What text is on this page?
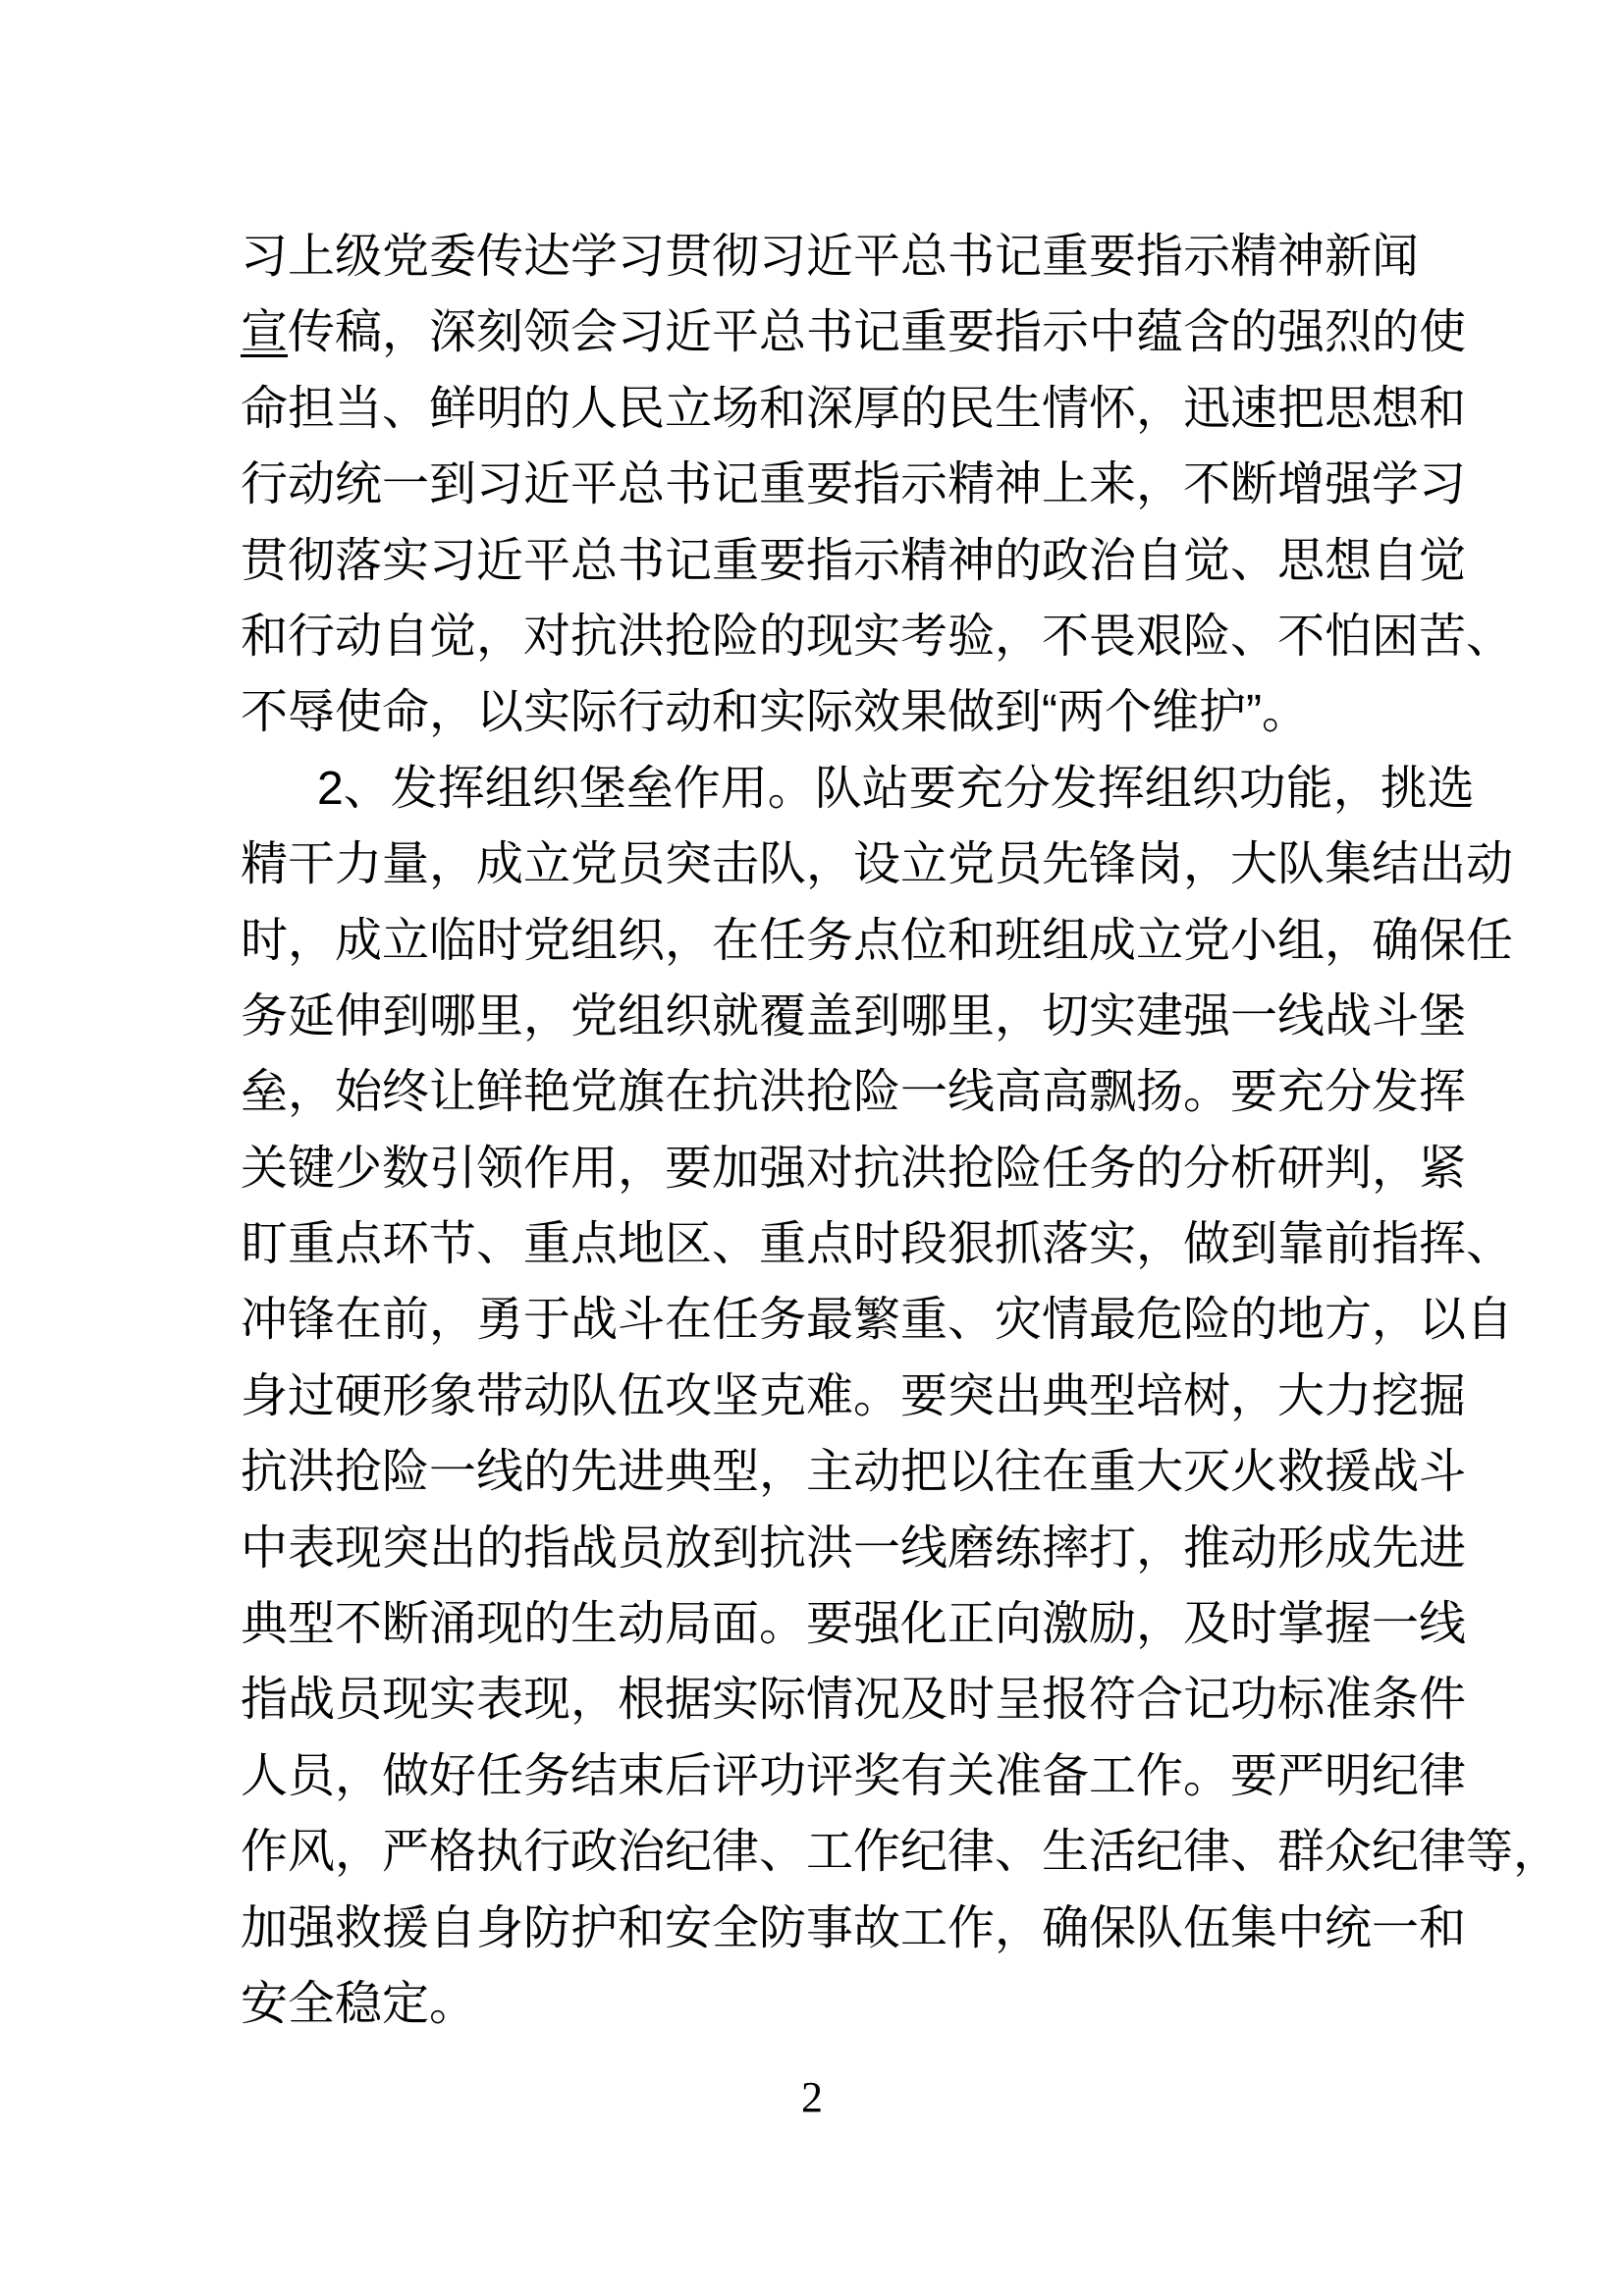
习上级党委传达学习贯彻习近平总书记重要指示精神新闻
宣传稿，深刻领会习近平总书记重要指示中蕴含的强烈的使
命担当、鲜明的人民立场和深厚的民生情怀，迅速把思想和
行动统一到习近平总书记重要指示精神上来，不断增强学习
贯彻落实习近平总书记重要指示精神的政治自觉、思想自觉
和行动自觉，对抗洪抢险的现实考验，不畏艰险、不怕困苦、
不辱使命，以实际行动和实际效果做到“两个维护”。
2、发挥组织堡垒作用。队站要充分发挥组织功能，挑选
精干力量，成立党员突击队，设立党员先锋岗，大队集结出动
时，成立临时党组织，在任务点位和班组成立党小组，确保任
务延伸到哪里，党组织就覆盖到哪里，切实建强一线战斗堡
垒，始终让鲜艳党旗在抗洪抢险一线高高飘扬。要充分发挥
关键少数引领作用，要加强对抗洪抢险任务的分析研判，紧
盯重点环节、重点地区、重点时段狠抓落实，做到靠前指挥、
冲锋在前，勇于战斗在任务最繁重、灾情最危险的地方，以自
身过硬形象带动队伍攻坚克难。要突出典型培树，大力挖掘
抗洪抢险一线的先进典型，主动把以往在重大灭火救援战斗
中表现突出的指战员放到抗洪一线磨练摔打，推动形成先进
典型不断涌现的生动局面。要强化正向激励，及时掌握一线
指战员现实表现，根据实际情况及时呈报符合记功标准条件
人员，做好任务结束后评功评奖有关准备工作。要严明纪律
作风，严格执行政治纪律、工作纪律、生活纪律、群众纪律等，
加强救援自身防护和安全防事故工作，确保队伍集中统一和
安全稳定。
2
